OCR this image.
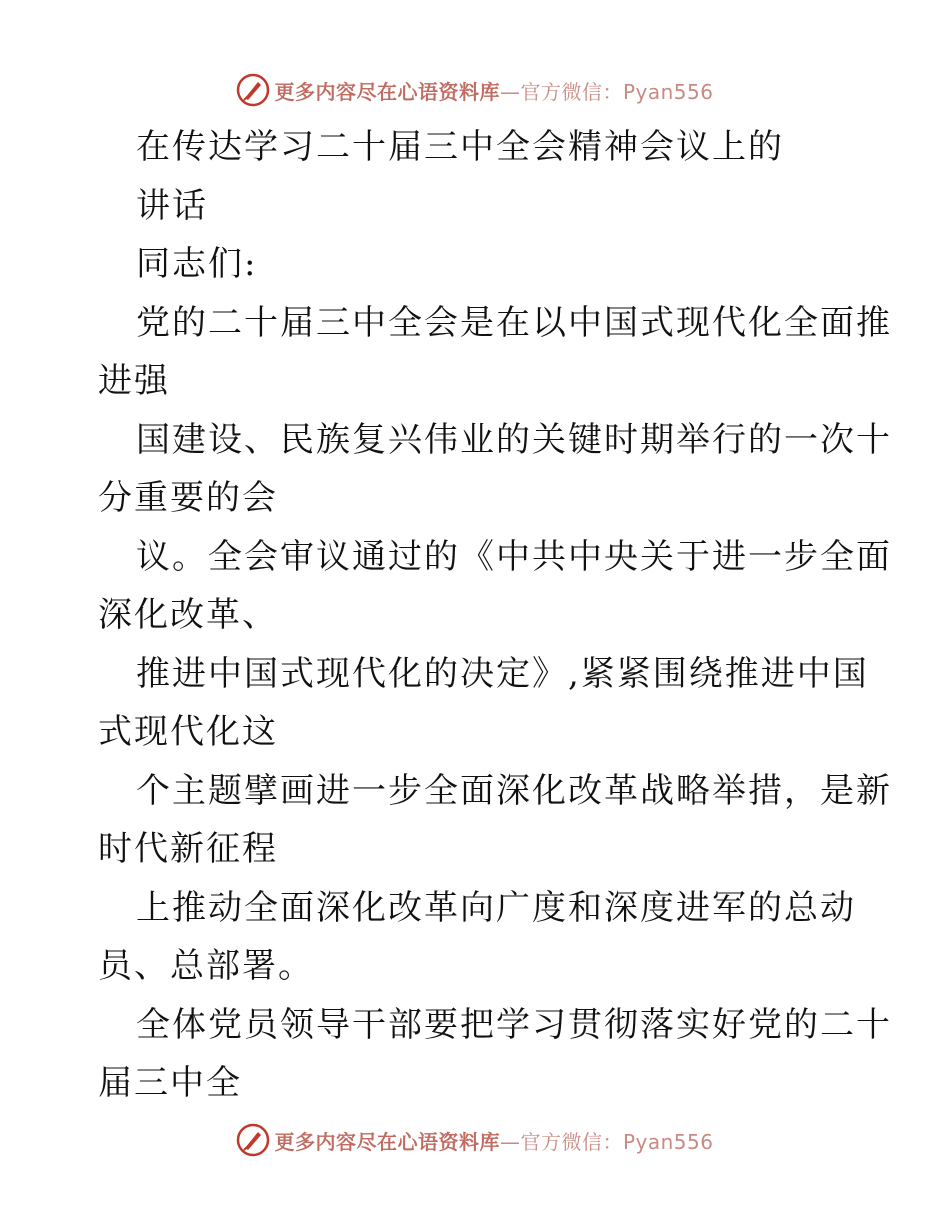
更多内容尽在心语资料库—官方微信：Pyan556
在传达学习二十届三中全会精神会议上的
讲话
同志们:
党的二十届三中全会是在以中国式现代化全面推
进强
国建设、民族复兴伟业的关键时期举行的一次十
分重要的会
议。全会审议通过的《中共中央关于进一步全面
深化改革、
推进中国式现代化的决定》,紧紧围绕推进中国
式现代化这
个主题擘画进一步全面深化改革战略举措，是新
时代新征程
上推动全面深化改革向广度和深度进军的总动
员、总部署。
全体党员领导干部要把学习贯彻落实好党的二十
届三中全
更多内容尽在心语资料库—官方微信：Pyan556
